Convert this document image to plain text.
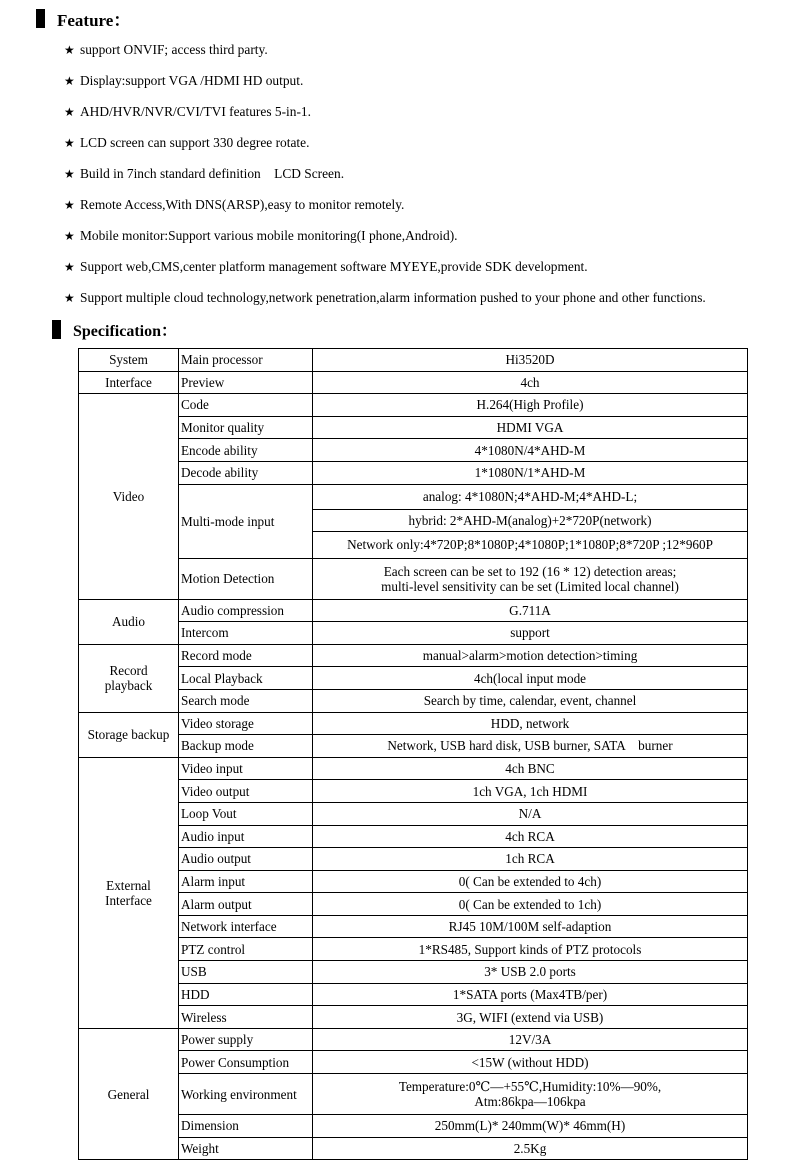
Feature：
★ support ONVIF; access third party.
★ Display:support VGA /HDMI HD output.
★ AHD/HVR/NVR/CVI/TVI features 5-in-1.
★ LCD screen can support 330 degree rotate.
★ Build in 7inch standard definition    LCD Screen.
★ Remote Access,With DNS(ARSP),easy to monitor remotely.
★ Mobile monitor:Support various mobile monitoring(I phone,Android).
★ Support web,CMS,center platform management software MYEYE,provide SDK development.
★ Support multiple cloud technology,network penetration,alarm information pushed to your phone and other functions.
Specification：
System	Main processor	Hi3520D
Interface	Preview	4ch
Video	Code	H.264(High Profile)
	Monitor quality	HDMI VGA
	Encode ability	4*1080N/4*AHD-M
	Decode ability	1*1080N/1*AHD-M
	Multi-mode input	analog: 4*1080N;4*AHD-M;4*AHD-L;
		hybrid: 2*AHD-M(analog)+2*720P(network)
		Network only:4*720P;8*1080P;4*1080P;1*1080P;8*720P ;12*960P
	Motion Detection	Each screen can be set to 192 (16 * 12) detection areas;
multi-level sensitivity can be set (Limited local channel)

Audio	Audio compression	G.711A
	Intercom	support

Record
playback	Record mode	manual>alarm>motion detection>timing
	Local Playback	4ch(local input mode
	Search mode	Search by time, calendar, event, channel
Storage backup	Video storage	HDD, network
	Backup mode	Network, USB hard disk, USB burner, SATA    burner

External
Interface	Video input	4ch BNC
	Video output	1ch VGA, 1ch HDMI
	Loop Vout	N/A
	Audio input	4ch RCA
	Audio output	1ch RCA
	Alarm input	0( Can be extended to 4ch)
	Alarm output	0( Can be extended to 1ch)
	Network interface	RJ45 10M/100M self-adaption
	PTZ control	1*RS485, Support kinds of PTZ protocols
	USB	3* USB 2.0 ports
	HDD	1*SATA ports (Max4TB/per)
	Wireless	3G, WIFI (extend via USB)
General	Power supply	12V/3A
	Power Consumption	<15W (without HDD)
	Working environment	Temperature:0℃—+55℃,Humidity:10%—90%,
Atm:86kpa—106kpa

	Dimension	250mm(L)* 240mm(W)* 46mm(H)
	Weight	2.5Kg
